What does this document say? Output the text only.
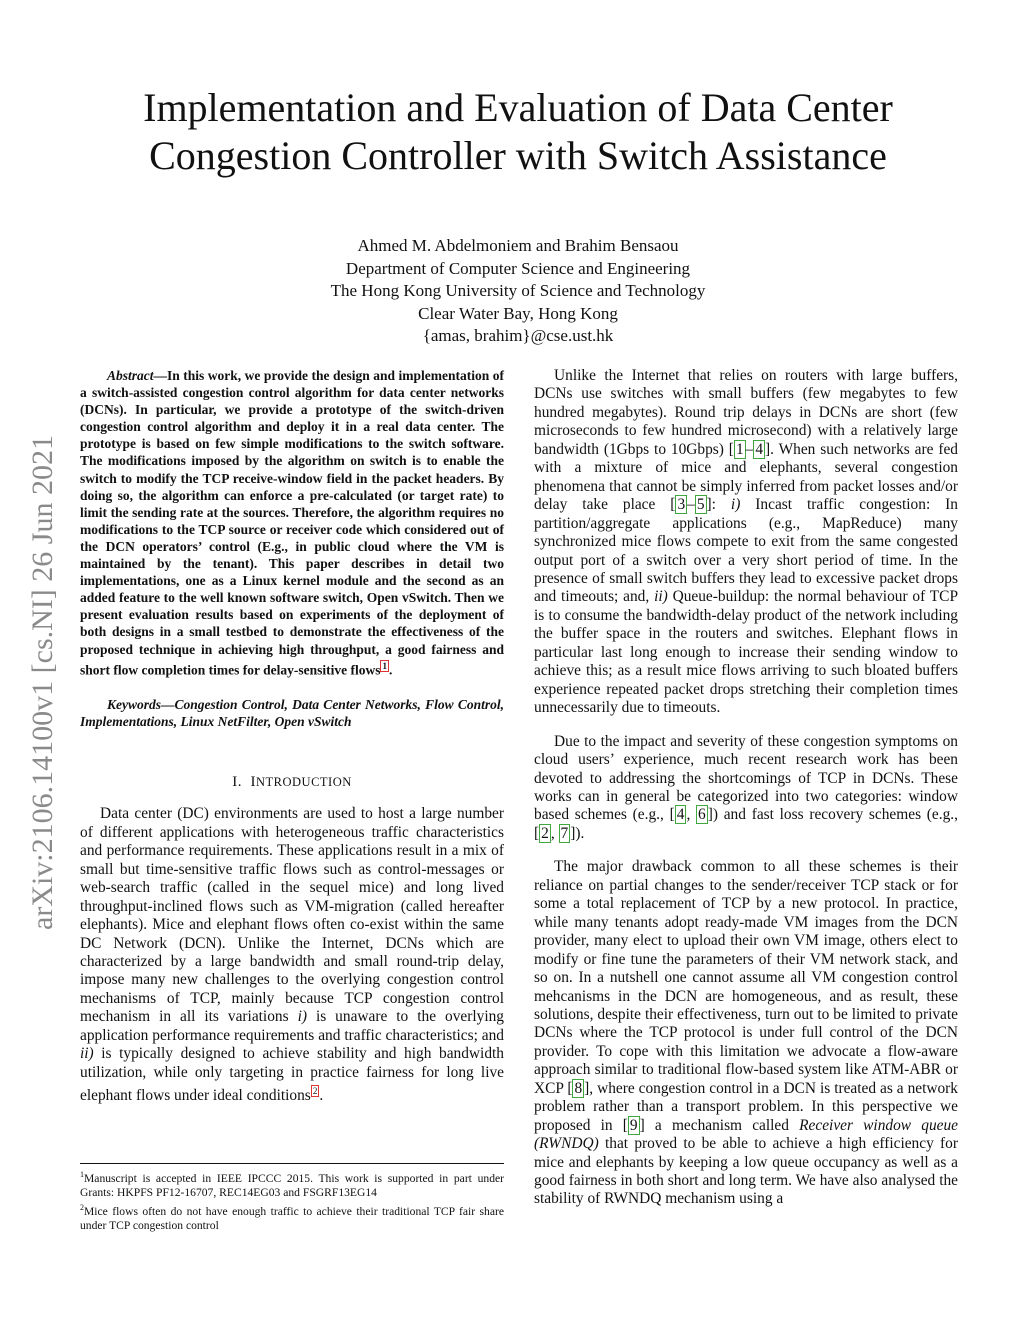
arXiv:2106.14100v1 [cs.NI] 26 Jun 2021
Implementation and Evaluation of Data Center
Congestion Controller with Switch Assistance
Ahmed M. Abdelmoniem and Brahim Bensaou
Department of Computer Science and Engineering
The Hong Kong University of Science and Technology
Clear Water Bay, Hong Kong
{amas, brahim}@cse.ust.hk

Abstract—In this work, we provide the design and implementation of a switch-assisted congestion control algorithm for data center networks (DCNs). In particular, we provide a prototype of the switch-driven congestion control algorithm and deploy it in a real data center. The prototype is based on few simple modifications to the switch software. The modifications imposed by the algorithm on switch is to enable the switch to modify the TCP receive-window field in the packet headers. By doing so, the algorithm can enforce a pre-calculated (or target rate) to limit the sending rate at the sources. Therefore, the algorithm requires no modifications to the TCP source or receiver code which considered out of the DCN operators’ control (E.g., in public cloud where the VM is maintained by the tenant). This paper describes in detail two implementations, one as a Linux kernel module and the second as an added feature to the well known software switch, Open vSwitch. Then we present evaluation results based on experiments of the deployment of both designs in a small testbed to demonstrate the effectiveness of the proposed technique in achieving high throughput, a good fairness and short flow completion times for delay-sensitive flows $^1$ .

Keywords—Congestion Control, Data Center Networks, Flow Control, Implementations, Linux NetFilter, Open vSwitch

I. INTRODUCTION

Data center (DC) environments are used to host a large number of different applications with heterogeneous traffic characteristics and performance requirements. These applications result in a mix of small but time-sensitive traffic flows such as control-messages or web-search traffic (called in the sequel mice) and long lived throughput-inclined flows such as VM-migration (called hereafter elephants). Mice and elephant flows often co-exist within the same DC Network (DCN). Unlike the Internet, DCNs which are characterized by a large bandwidth and small round-trip delay, impose many new challenges to the overlying congestion control mechanisms of TCP, mainly because TCP congestion control mechanism in all its variations i) is unaware to the overlying application performance requirements and traffic characteristics; and ii) is typically designed to achieve stability and high bandwidth utilization, while only targeting in practice fairness for long live elephant flows under ideal conditions $^2$ .

Unlike the Internet that relies on routers with large buffers, DCNs use switches with small buffers (few megabytes to few hundred megabytes). Round trip delays in DCNs are short (few microseconds to few hundred microsecond) with a relatively large bandwidth (1Gbps to 10Gbps) [ 1 – 4 ]. When such networks are fed with a mixture of mice and elephants, several congestion phenomena that cannot be simply inferred from packet losses and/or delay take place [ 3 – 5 ]: i) Incast traffic congestion: In partition/aggregate applications (e.g., MapReduce) many synchronized mice flows compete to exit from the same congested output port of a switch over a very short period of time. In the presence of small switch buffers they lead to excessive packet drops and timeouts; and, ii) Queue-buildup: the normal behaviour of TCP is to consume the bandwidth-delay product of the network including the buffer space in the routers and switches. Elephant flows in particular last long enough to increase their sending window to achieve this; as a result mice flows arriving to such bloated buffers experience repeated packet drops stretching their completion times unnecessarily due to timeouts.

Due to the impact and severity of these congestion symptoms on cloud users’ experience, much recent research work has been devoted to addressing the shortcomings of TCP in DCNs. These works can in general be categorized into two categories: window based schemes (e.g., [ 4 , 6 ]) and fast loss recovery schemes (e.g., [ 2 , 7 ]).

The major drawback common to all these schemes is their reliance on partial changes to the sender/receiver TCP stack or for some a total replacement of TCP by a new protocol. In practice, while many tenants adopt ready-made VM images from the DCN provider, many elect to upload their own VM image, others elect to modify or fine tune the parameters of their VM network stack, and so on. In a nutshell one cannot assume all VM congestion control mehcanisms in the DCN are homogeneous, and as result, these solutions, despite their effectiveness, turn out to be limited to private DCNs where the TCP protocol is under full control of the DCN provider. To cope with this limitation we advocate a flow-aware approach similar to traditional flow-based system like ATM-ABR or XCP [ 8 ], where congestion control in a DCN is treated as a network problem rather than a transport problem. In this perspective we proposed in [ 9 ] a mechanism called Receiver window queue (RWNDQ) that proved to be able to achieve a high efficiency for mice and elephants by keeping a low queue occupancy as well as a good fairness in both short and long term. We have also analysed the stability of RWNDQ mechanism using a

$^1$Manuscript is accepted in IEEE IPCCC 2015. This work is supported in part under Grants: HKPFS PF12-16707, REC14EG03 and FSGRF13EG14

$^2$Mice flows often do not have enough traffic to achieve their traditional TCP fair share under TCP congestion control
